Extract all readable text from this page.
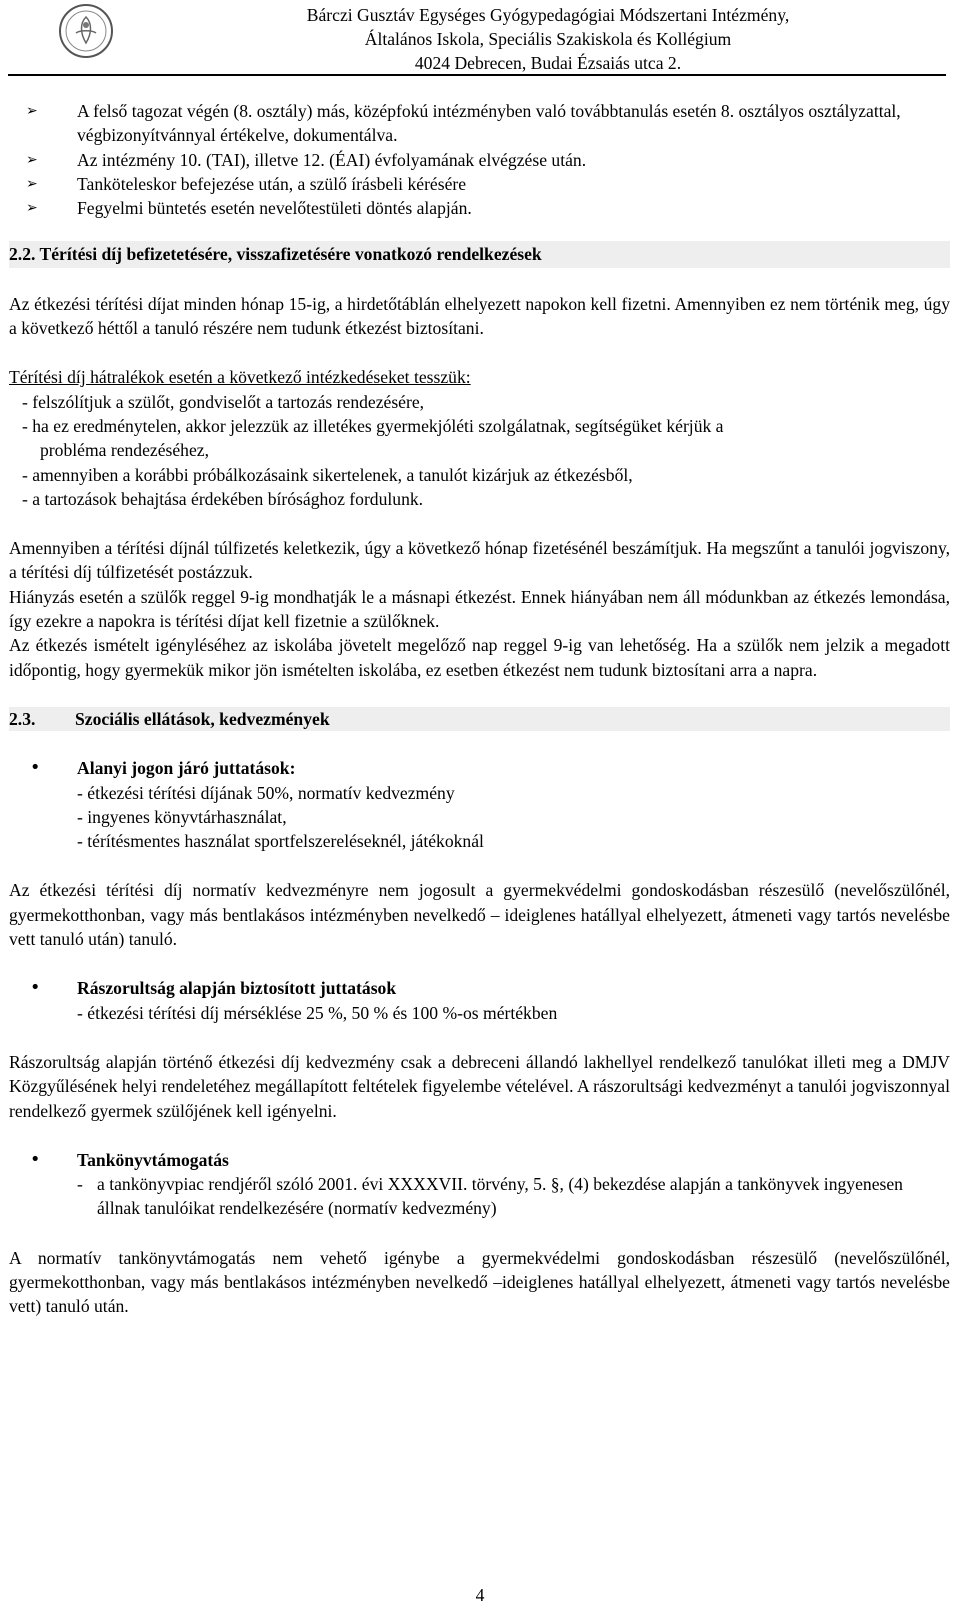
Bárczi Gusztáv Egységes Gyógypedagógiai Módszertani Intézmény,
Általános Iskola, Speciális Szakiskola és Kollégium
4024 Debrecen, Budai Ézsaiás utca 2.
➢ A felső tagozat végén (8. osztály) más, középfokú intézményben való továbbtanulás esetén 8. osztályos osztályzattal, végbizonyítvánnyal értékelve, dokumentálva.
➢ Az intézmény 10. (TAI), illetve 12. (ÉAI) évfolyamának elvégzése után.
➢ Tanköteleskor befejezése után, a szülő írásbeli kérésére
➢ Fegyelmi büntetés esetén nevelőtestületi döntés alapján.
2.2. Térítési díj befizetetésére, visszafizetésére vonatkozó rendelkezések

Az étkezési térítési díjat minden hónap 15-ig, a hirdetőtáblán elhelyezett napokon kell fizetni. Amennyiben ez nem történik meg, úgy a következő héttől a tanuló részére nem tudunk étkezést biztosítani.

Térítési díj hátralékok esetén a következő intézkedéseket tesszük:
- felszólítjuk a szülőt, gondviselőt a tartozás rendezésére,
- ha ez eredménytelen, akkor jelezzük az illetékes gyermekjóléti szolgálatnak, segítségüket kérjük a
probléma rendezéséhez,
- amennyiben a korábbi próbálkozásaink sikertelenek, a tanulót kizárjuk az étkezésből,
- a tartozások behajtása érdekében bírósághoz fordulunk.

Amennyiben a térítési díjnál túlfizetés keletkezik, úgy a következő hónap fizetésénél beszámítjuk. Ha megszűnt a tanulói jogviszony, a térítési díj túlfizetését postázzuk.

Hiányzás esetén a szülők reggel 9-ig mondhatják le a másnapi étkezést. Ennek hiányában nem áll módunkban az étkezés lemondása, így ezekre a napokra is térítési díjat kell fizetnie a szülőknek.

Az étkezés ismételt igényléséhez az iskolába jövetelt megelőző nap reggel 9-ig van lehetőség. Ha a szülők nem jelzik a megadott időpontig, hogy gyermekük mikor jön ismételten iskolába, ez esetben étkezést nem tudunk biztosítani arra a napra.

2.3. Szociális ellátások, kedvezmények
• Alanyi jogon járó juttatások:
- étkezési térítési díjának 50%, normatív kedvezmény
- ingyenes könyvtárhasználat,
- térítésmentes használat sportfelszereléseknél, játékoknál

Az étkezési térítési díj normatív kedvezményre nem jogosult a gyermekvédelmi gondoskodásban részesülő (nevelőszülőnél, gyermekotthonban, vagy más bentlakásos intézményben nevelkedő – ideiglenes hatállyal elhelyezett, átmeneti vagy tartós nevelésbe vett tanuló után) tanuló.

• Rászorultság alapján biztosított juttatások
- étkezési térítési díj mérséklése 25 %, 50 % és 100 %-os mértékben

Rászorultság alapján történő étkezési díj kedvezmény csak a debreceni állandó lakhellyel rendelkező tanulókat illeti meg a DMJV Közgyűlésének helyi rendeletéhez megállapított feltételek figyelembe vételével. A rászorultsági kedvezményt a tanulói jogviszonnyal rendelkező gyermek szülőjének kell igényelni.

• Tankönyvtámogatás
- a tankönyvpiac rendjéről szóló 2001. évi XXXXVII. törvény, 5. §, (4) bekezdése alapján a tankönyvek ingyenesen állnak tanulóikat rendelkezésére (normatív kedvezmény)

A normatív tankönyvtámogatás nem vehető igénybe a gyermekvédelmi gondoskodásban részesülő (nevelőszülőnél, gyermekotthonban, vagy más bentlakásos intézményben nevelkedő –ideiglenes hatállyal elhelyezett, átmeneti vagy tartós nevelésbe vett) tanuló után.

4
